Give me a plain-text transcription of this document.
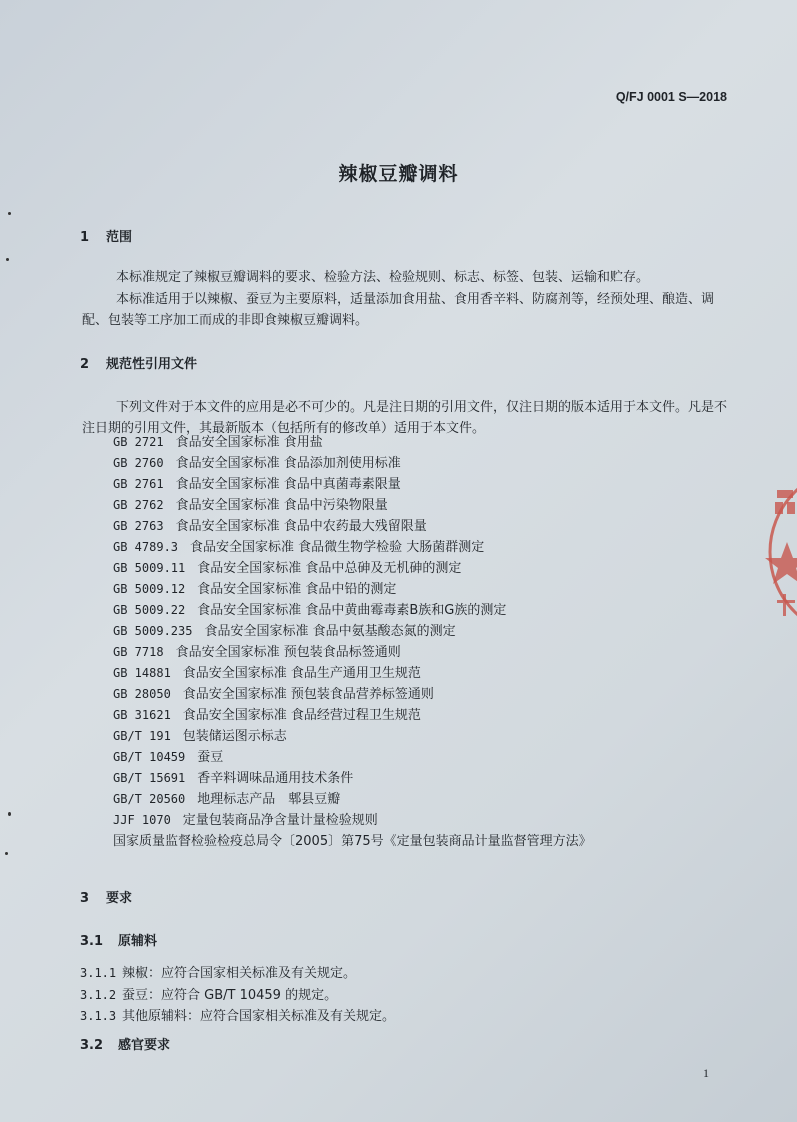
Q/FJ 0001 S—2018
辣椒豆瓣调料
1 范围
本标准规定了辣椒豆瓣调料的要求、检验方法、检验规则、标志、标签、包装、运输和贮存。
本标准适用于以辣椒、蚕豆为主要原料，适量添加食用盐、食用香辛料、防腐剂等，经预处理、酿造、调配、包装等工序加工而成的非即食辣椒豆瓣调料。
2 规范性引用文件
下列文件对于本文件的应用是必不可少的。凡是注日期的引用文件，仅注日期的版本适用于本文件。凡是不注日期的引用文件，其最新版本（包括所有的修改单）适用于本文件。
GB 2721 食品安全国家标准 食用盐
GB 2760 食品安全国家标准 食品添加剂使用标准
GB 2761 食品安全国家标准 食品中真菌毒素限量
GB 2762 食品安全国家标准 食品中污染物限量
GB 2763 食品安全国家标准 食品中农药最大残留限量
GB 4789.3 食品安全国家标准 食品微生物学检验 大肠菌群测定
GB 5009.11 食品安全国家标准 食品中总砷及无机砷的测定
GB 5009.12 食品安全国家标准 食品中铅的测定
GB 5009.22 食品安全国家标准 食品中黄曲霉毒素B族和G族的测定
GB 5009.235 食品安全国家标准 食品中氨基酸态氮的测定
GB 7718 食品安全国家标准 预包装食品标签通则
GB 14881 食品安全国家标准 食品生产通用卫生规范
GB 28050 食品安全国家标准 预包装食品营养标签通则
GB 31621 食品安全国家标准 食品经营过程卫生规范
GB/T 191 包装储运图示标志
GB/T 10459 蚕豆
GB/T 15691 香辛料调味品通用技术条件
GB/T 20560 地理标志产品　郫县豆瓣
JJF 1070 定量包装商品净含量计量检验规则
国家质量监督检验检疫总局令〔2005〕第75号《定量包装商品计量监督管理方法》
3 要求
3.1 原辅料
3.1.1 辣椒：应符合国家相关标准及有关规定。
3.1.2 蚕豆：应符合 GB/T 10459 的规定。
3.1.3 其他原辅料：应符合国家相关标准及有关规定。
3.2 感官要求
1
